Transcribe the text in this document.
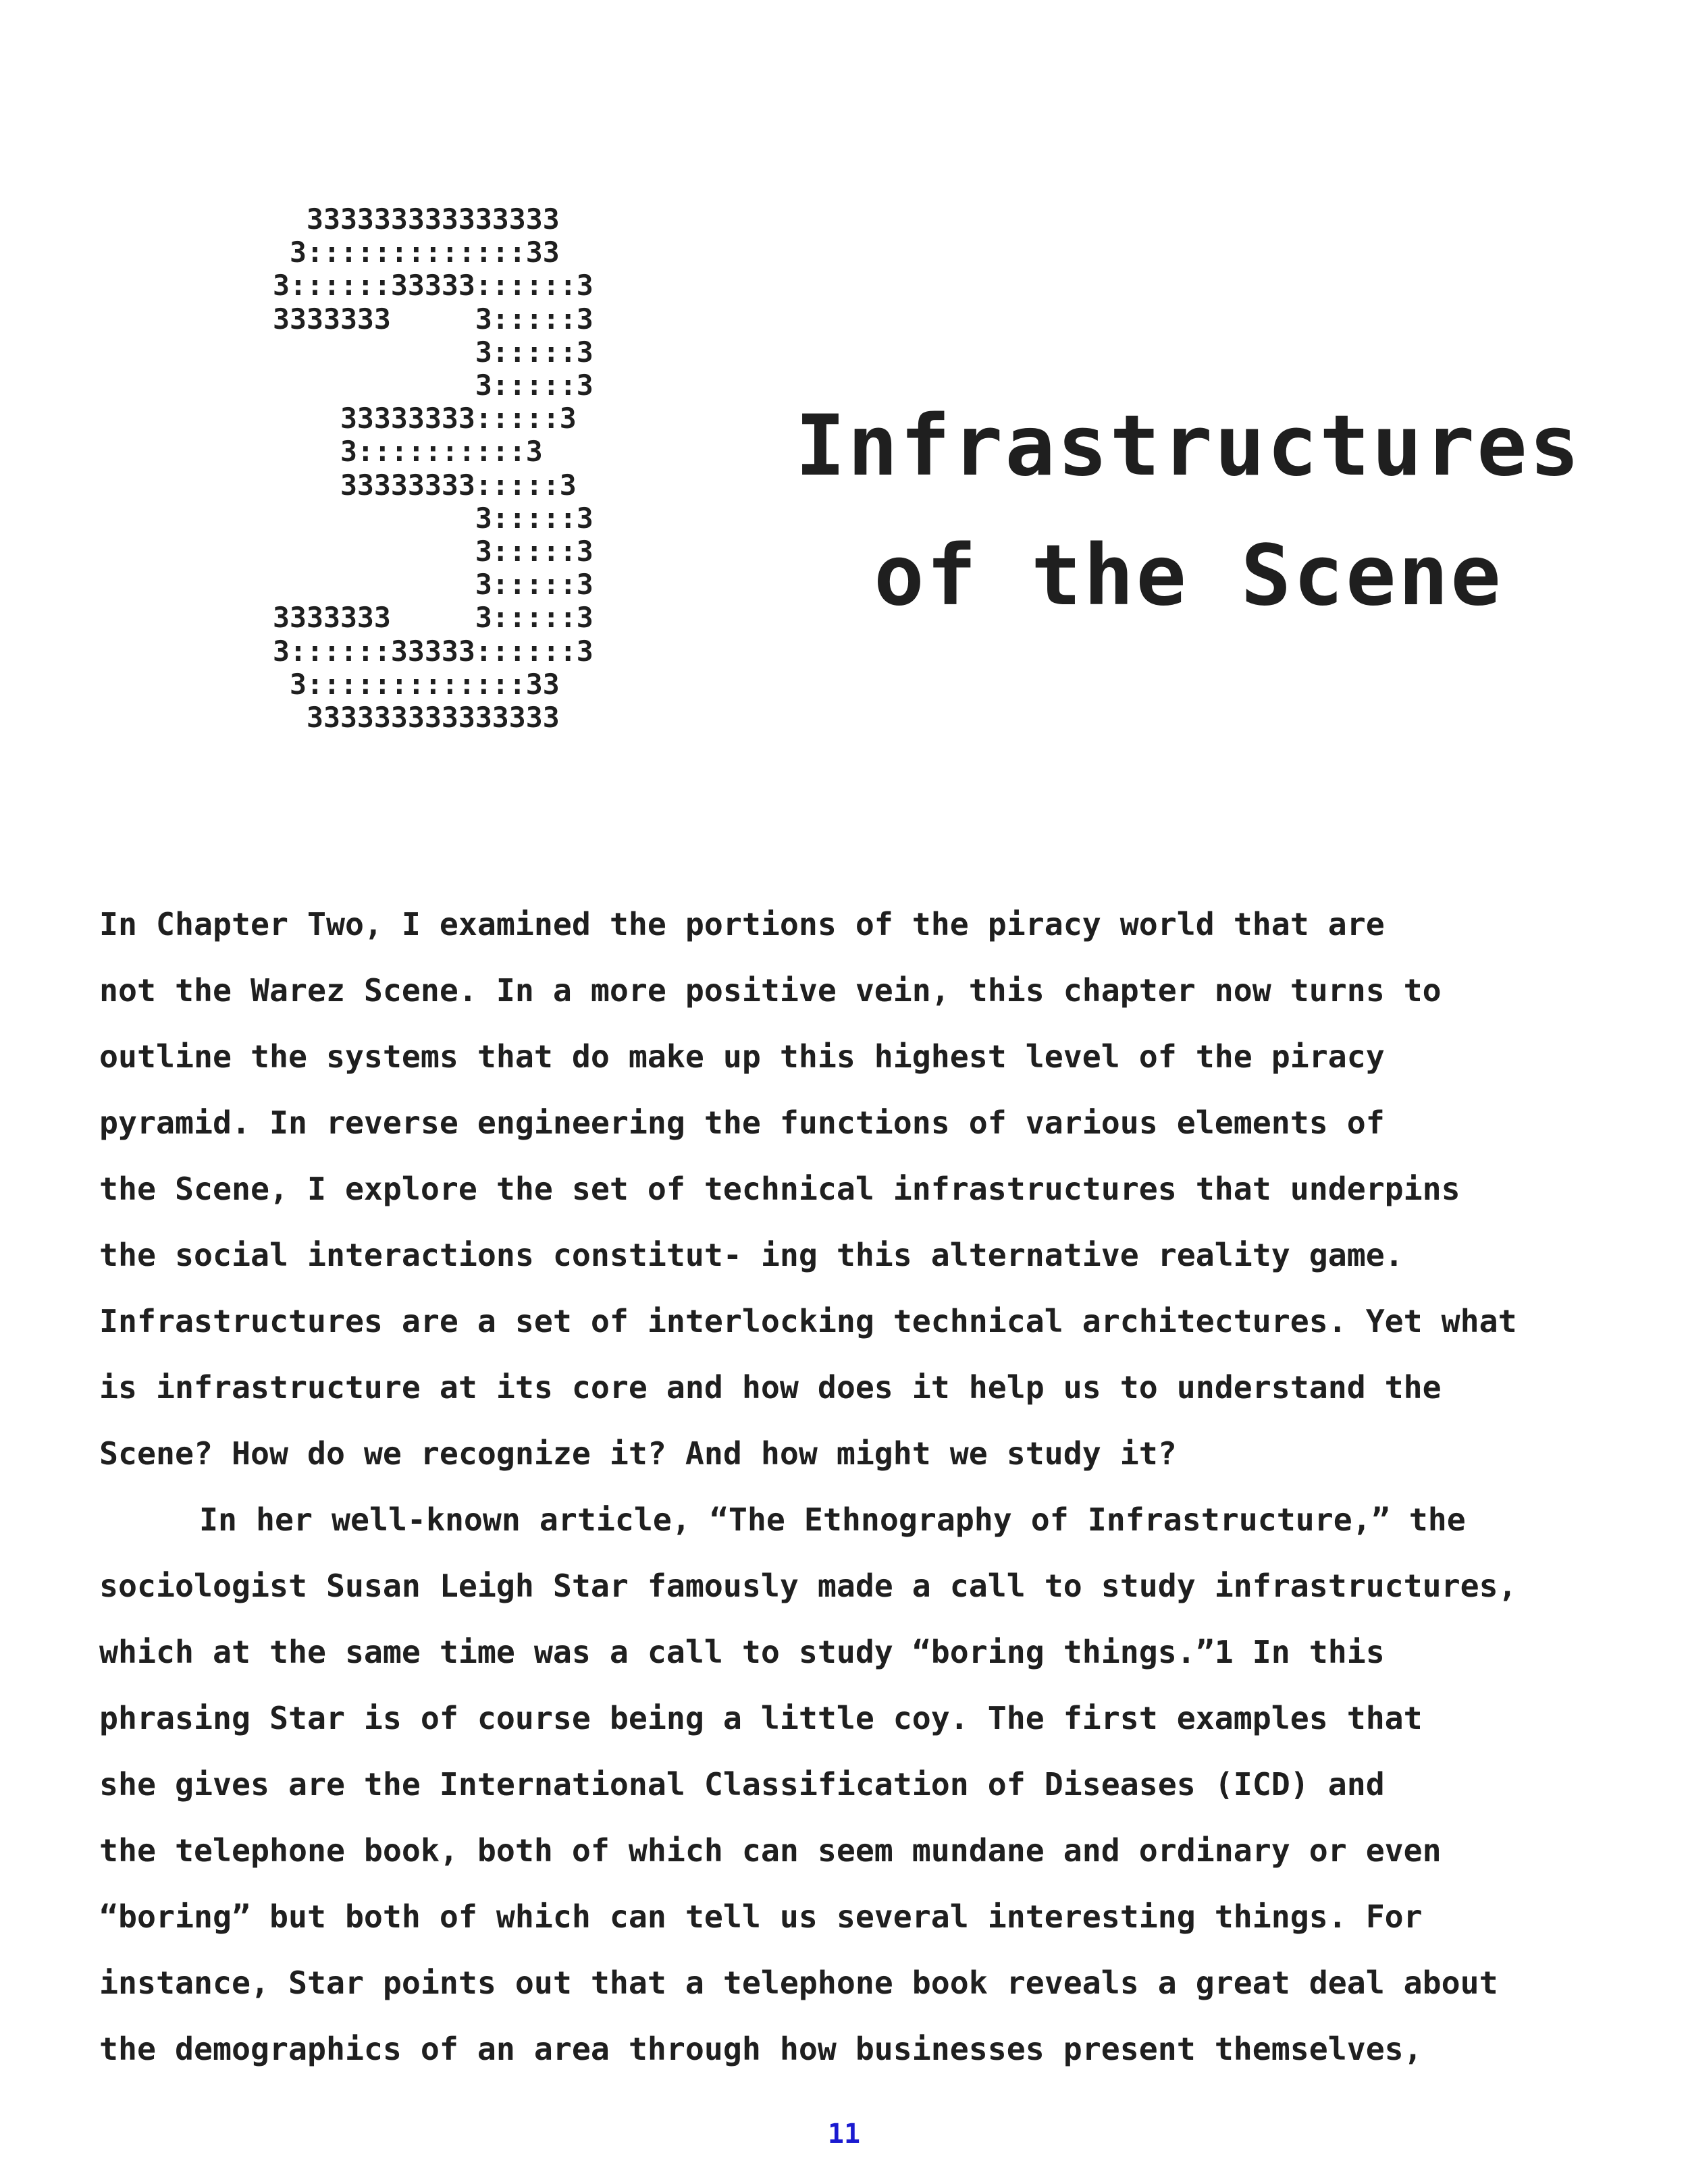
333333333333333
3:::::::::::::33
3::::::33333::::::3
3333333     3:::::3
3:::::3
3:::::3
33333333:::::3
3::::::::::3
33333333:::::3
3:::::3
3:::::3
3:::::3
3333333     3:::::3
3::::::33333::::::3
3:::::::::::::33
333333333333333
Infrastructures
of the Scene
In Chapter Two, I examined the portions of the piracy world that are
not the Warez Scene. In a more positive vein, this chapter now turns to
outline the systems that do make up this highest level of the piracy
pyramid. In reverse engineering the functions of various elements of
the Scene, I explore the set of technical infrastructures that underpins
the social interactions constitut- ing this alternative reality game.
Infrastructures are a set of interlocking technical architectures. Yet what
is infrastructure at its core and how does it help us to understand the
Scene? How do we recognize it? And how might we study it?
In her well-known article, “The Ethnography of Infrastructure,” the
sociologist Susan Leigh Star famously made a call to study infrastructures,
which at the same time was a call to study “boring things.”1 In this
phrasing Star is of course being a little coy. The first examples that
she gives are the International Classification of Diseases (ICD) and
the telephone book, both of which can seem mundane and ordinary or even
“boring” but both of which can tell us several interesting things. For
instance, Star points out that a telephone book reveals a great deal about
the demographics of an area through how businesses present themselves,
11
